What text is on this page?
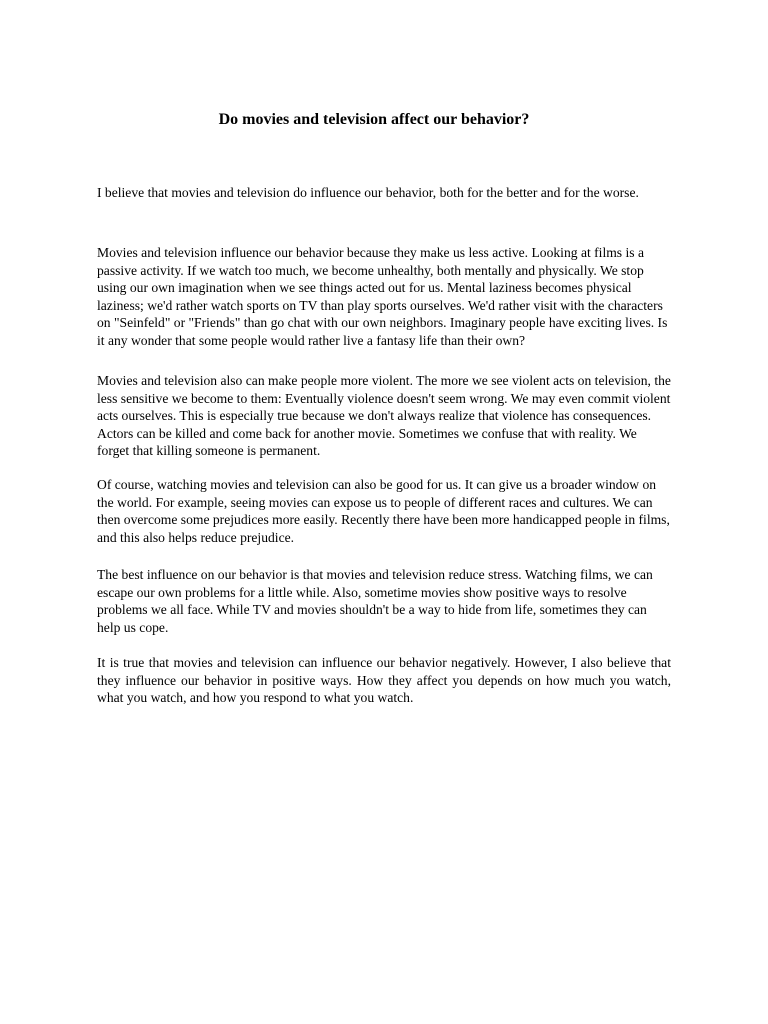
Do movies and television affect our behavior?

I believe that movies and television do influence our behavior, both for the better and for the worse.

Movies and television influence our behavior because they make us less active. Looking at films is a passive activity. If we watch too much, we become unhealthy, both mentally and physically. We stop using our own imagination when we see things acted out for us. Mental laziness becomes physical laziness; we'd rather watch sports on TV than play sports ourselves. We'd rather visit with the characters on "Seinfeld" or "Friends" than go chat with our own neighbors. Imaginary people have exciting lives. Is it any wonder that some people would rather live a fantasy life than their own?

Movies and television also can make people more violent. The more we see violent acts on television, the less sensitive we become to them: Eventually violence doesn't seem wrong. We may even commit violent acts ourselves. This is especially true because we don't always realize that violence has consequences. Actors can be killed and come back for another movie. Sometimes we confuse that with reality. We forget that killing someone is permanent.

Of course, watching movies and television can also be good for us. It can give us a broader window on the world. For example, seeing movies can expose us to people of different races and cultures. We can then overcome some prejudices more easily. Recently there have been more handicapped people in films, and this also helps reduce prejudice.

The best influence on our behavior is that movies and television reduce stress. Watching films, we can escape our own problems for a little while. Also, sometime movies show positive ways to resolve problems we all face. While TV and movies shouldn't be a way to hide from life, sometimes they can help us cope.

It is true that movies and television can influence our behavior negatively. However, I also believe that they influence our behavior in positive ways. How they affect you depends on how much you watch, what you watch, and how you respond to what you watch.
